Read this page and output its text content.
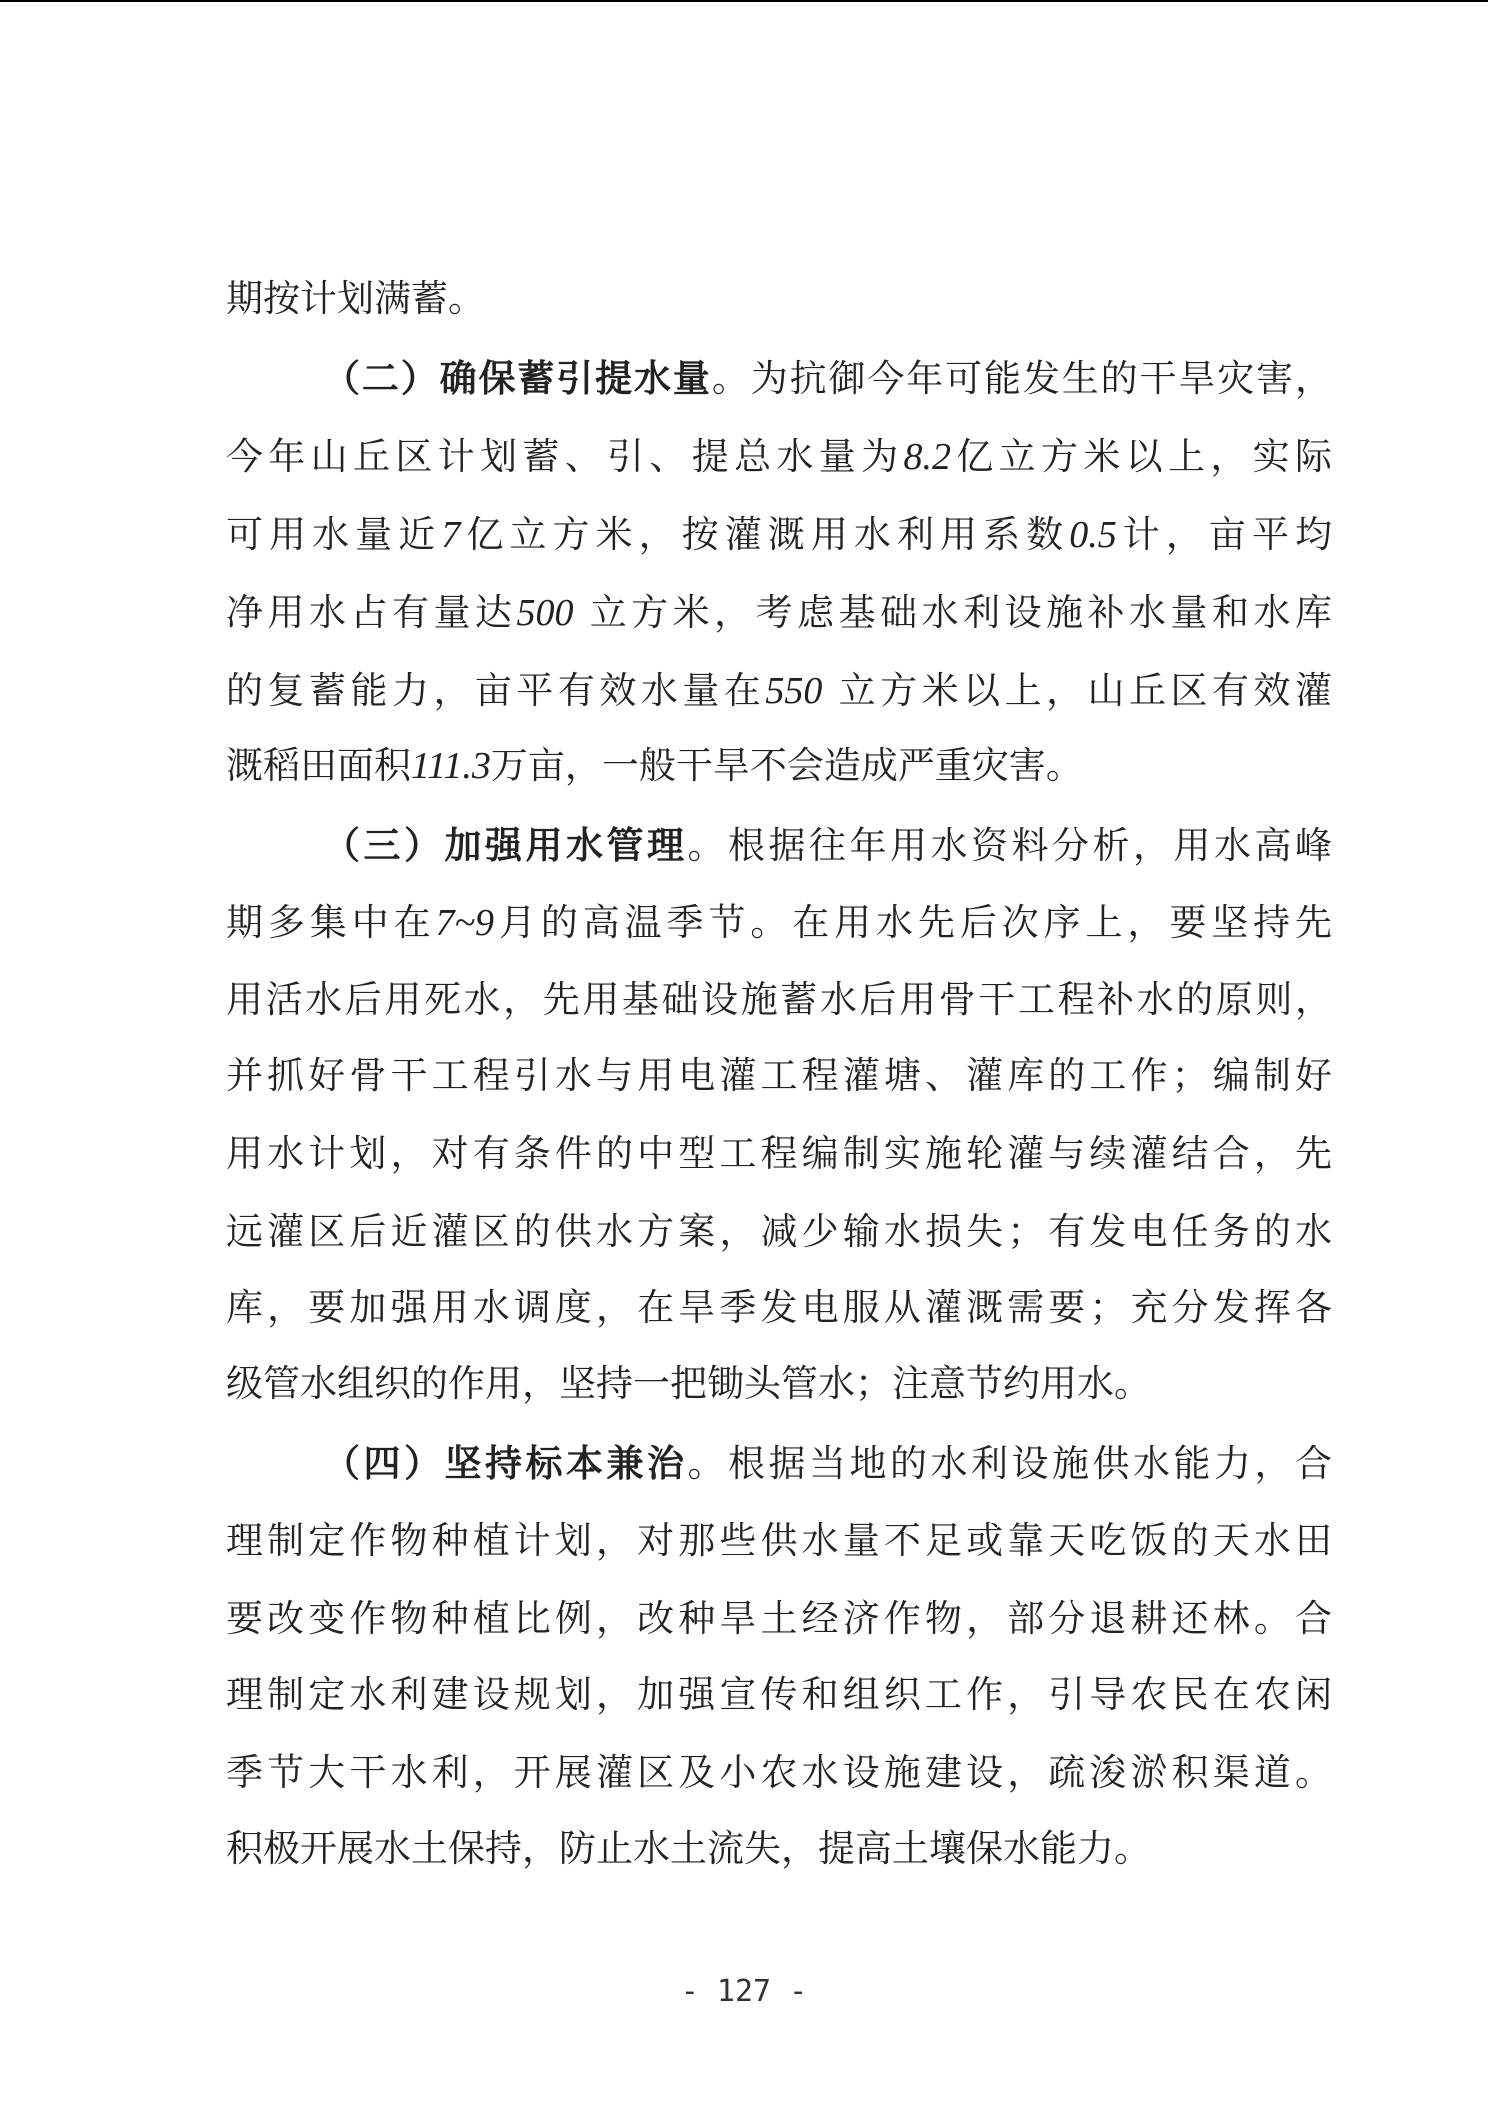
期按计划满蓄。
（二）确保蓄引提水量。为抗御今年可能发生的干旱灾害，
今年山丘区计划蓄、引、提总水量为8.2亿立方米以上，实际
可用水量近7亿立方米，按灌溉用水利用系数0.5计，亩平均
净用水占有量达500 立方米，考虑基础水利设施补水量和水库
的复蓄能力，亩平有效水量在550 立方米以上，山丘区有效灌
溉稻田面积111.3万亩，一般干旱不会造成严重灾害。
（三）加强用水管理。根据往年用水资料分析，用水高峰
期多集中在7~9月的高温季节。在用水先后次序上，要坚持先
用活水后用死水，先用基础设施蓄水后用骨干工程补水的原则，
并抓好骨干工程引水与用电灌工程灌塘、灌库的工作；编制好
用水计划，对有条件的中型工程编制实施轮灌与续灌结合，先
远灌区后近灌区的供水方案，减少输水损失；有发电任务的水
库，要加强用水调度，在旱季发电服从灌溉需要；充分发挥各
级管水组织的作用，坚持一把锄头管水；注意节约用水。
（四）坚持标本兼治。根据当地的水利设施供水能力，合
理制定作物种植计划，对那些供水量不足或靠天吃饭的天水田
要改变作物种植比例，改种旱土经济作物，部分退耕还林。合
理制定水利建设规划，加强宣传和组织工作，引导农民在农闲
季节大干水利，开展灌区及小农水设施建设，疏浚淤积渠道。
积极开展水土保持，防止水土流失，提高土壤保水能力。
- 127 -
